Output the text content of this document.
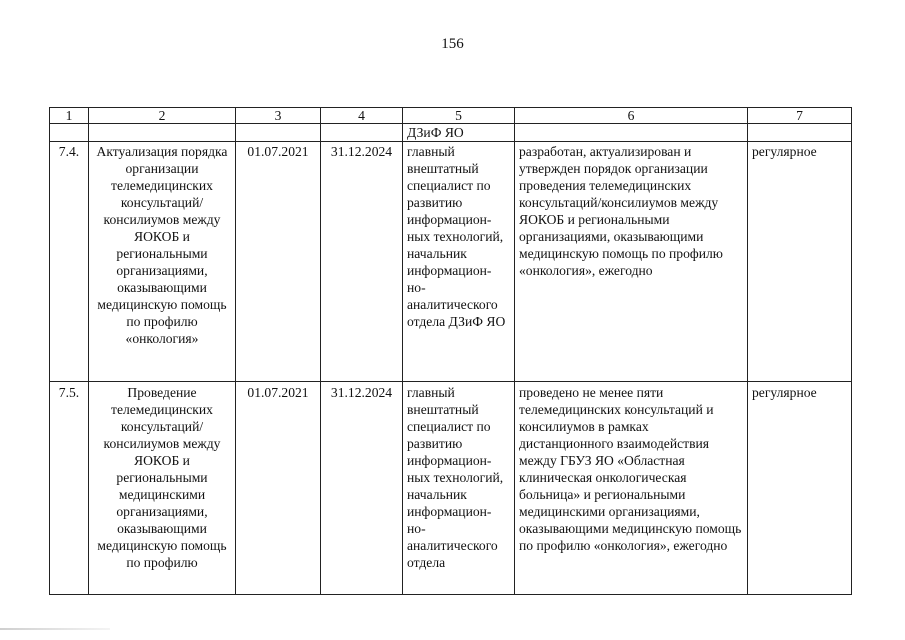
156
1	2	3	4	5	6	7
				ДЗиФ ЯО		
7.4.	Актуализация порядка организации телемедицинских консультаций/ консилиумов между ЯОКОБ и региональными организациями, оказывающими медицинскую помощь по профилю «онкология»	01.07.2021	31.12.2024	главный внештатный специалист по развитию информацион-ных технологий, начальник информацион-но-аналитического отдела ДЗиФ ЯО	разработан, актуализирован и утвержден порядок организации проведения телемедицинских консультаций/консилиумов между ЯОКОБ и региональными организациями, оказывающими медицинскую помощь по профилю «онкология», ежегодно	регулярное
7.5.	Проведение телемедицинских консультаций/ консилиумов между ЯОКОБ и региональными медицинскими организациями, оказывающими медицинскую помощь по профилю	01.07.2021	31.12.2024	главный внештатный специалист по развитию информацион-ных технологий, начальник информацион-но-аналитического отдела	проведено не менее пяти телемедицинских консультаций и консилиумов в рамках дистанционного взаимодействия между ГБУЗ ЯО «Областная клиническая онкологическая больница» и региональными медицинскими организациями, оказывающими медицинскую помощь по профилю «онкология», ежегодно	регулярное
